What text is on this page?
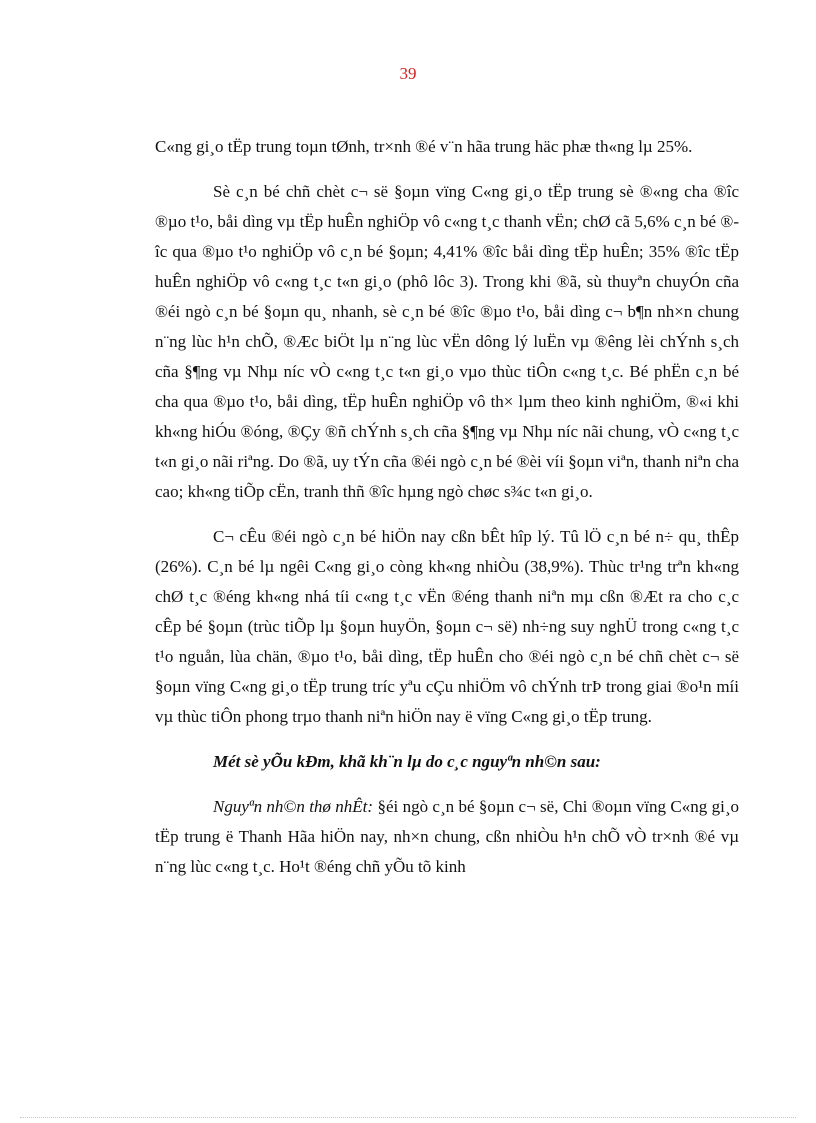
39

C«ng gi¸o tËp trung toµn tØnh, tr×nh ®é v¨n hãa trung häc phæ th«ng lµ 25%.

Sè c¸n bé chñ chèt c¬ së §oµn vïng C«ng gi¸o tËp trung sè ®«ng cha ®îc ®µo t¹o, båi dìng vµ tËp huÊn nghiÖp vô c«ng t¸c thanh vËn; chØ cã 5,6% c¸n bé ®îc qua ®µo t¹o nghiÖp vô c¸n bé §oµn; 4,41% ®îc båi dìng tËp huÊn; 35% ®îc tËp huÊn nghiÖp vô c«ng t¸c t«n gi¸o (phô lôc 3). Trong khi ®ã, sù thuyªn chuyÓn cña ®éi ngò c¸n bé §oµn qu¸ nhanh, sè c¸n bé ®îc ®µo t¹o, båi dìng c¬ b¶n nh×n chung n¨ng lùc h¹n chÕ, ®Æc biÖt lµ n¨ng lùc vËn dông lý luËn vµ ®êng lèi chÝnh s¸ch cña §¶ng vµ Nhµ níc vÒ c«ng t¸c t«n gi¸o vµo thùc tiÔn c«ng t¸c. Bé phËn c¸n bé cha qua ®µo t¹o, båi dìng, tËp huÊn nghiÖp vô th× lµm theo kinh nghiÖm, ®«i khi kh«ng hiÓu ®óng, ®Çy ®ñ chÝnh s¸ch cña §¶ng vµ Nhµ níc nãi chung, vÒ c«ng t¸c t«n gi¸o nãi riªng. Do ®ã, uy tÝn cña ®éi ngò c¸n bé ®èi víi §oµn viªn, thanh niªn cha cao; kh«ng tiÕp cËn, tranh thñ ®îc hµng ngò chøc s¾c t«n gi¸o.

C¬ cÊu ®éi ngò c¸n bé hiÖn nay cßn bÊt hîp lý. Tû lÖ c¸n bé n÷ qu¸ thÊp (26%). C¸n bé lµ ngêi C«ng gi¸o còng kh«ng nhiÒu (38,9%). Thùc tr¹ng trªn kh«ng chØ t¸c ®éng kh«ng nhá tíi c«ng t¸c vËn ®éng thanh niªn mµ cßn ®Æt ra cho c¸c cÊp bé §oµn (trùc tiÕp lµ §oµn huyÖn, §oµn c¬ së) nh÷ng suy nghÜ trong c«ng t¸c t¹o nguån, lùa chän, ®µo t¹o, båi dìng, tËp huÊn cho ®éi ngò c¸n bé chñ chèt c¬ së §oµn vïng C«ng gi¸o tËp trung tríc yªu cÇu nhiÖm vô chÝnh trÞ trong giai ®o¹n míi vµ thùc tiÔn phong trµo thanh niªn hiÖn nay ë vïng C«ng gi¸o tËp trung.

Mét sè yÕu kÐm, khã kh¨n lµ do c¸c nguyªn nh©n sau:

Nguyªn nh©n thø nhÊt: §éi ngò c¸n bé §oµn c¬ së, Chi ®oµn vïng C«ng gi¸o tËp trung ë Thanh Hãa hiÖn nay, nh×n chung, cßn nhiÒu h¹n chÕ vÒ tr×nh ®é vµ n¨ng lùc c«ng t¸c. Ho¹t ®éng chñ yÕu tõ kinh
